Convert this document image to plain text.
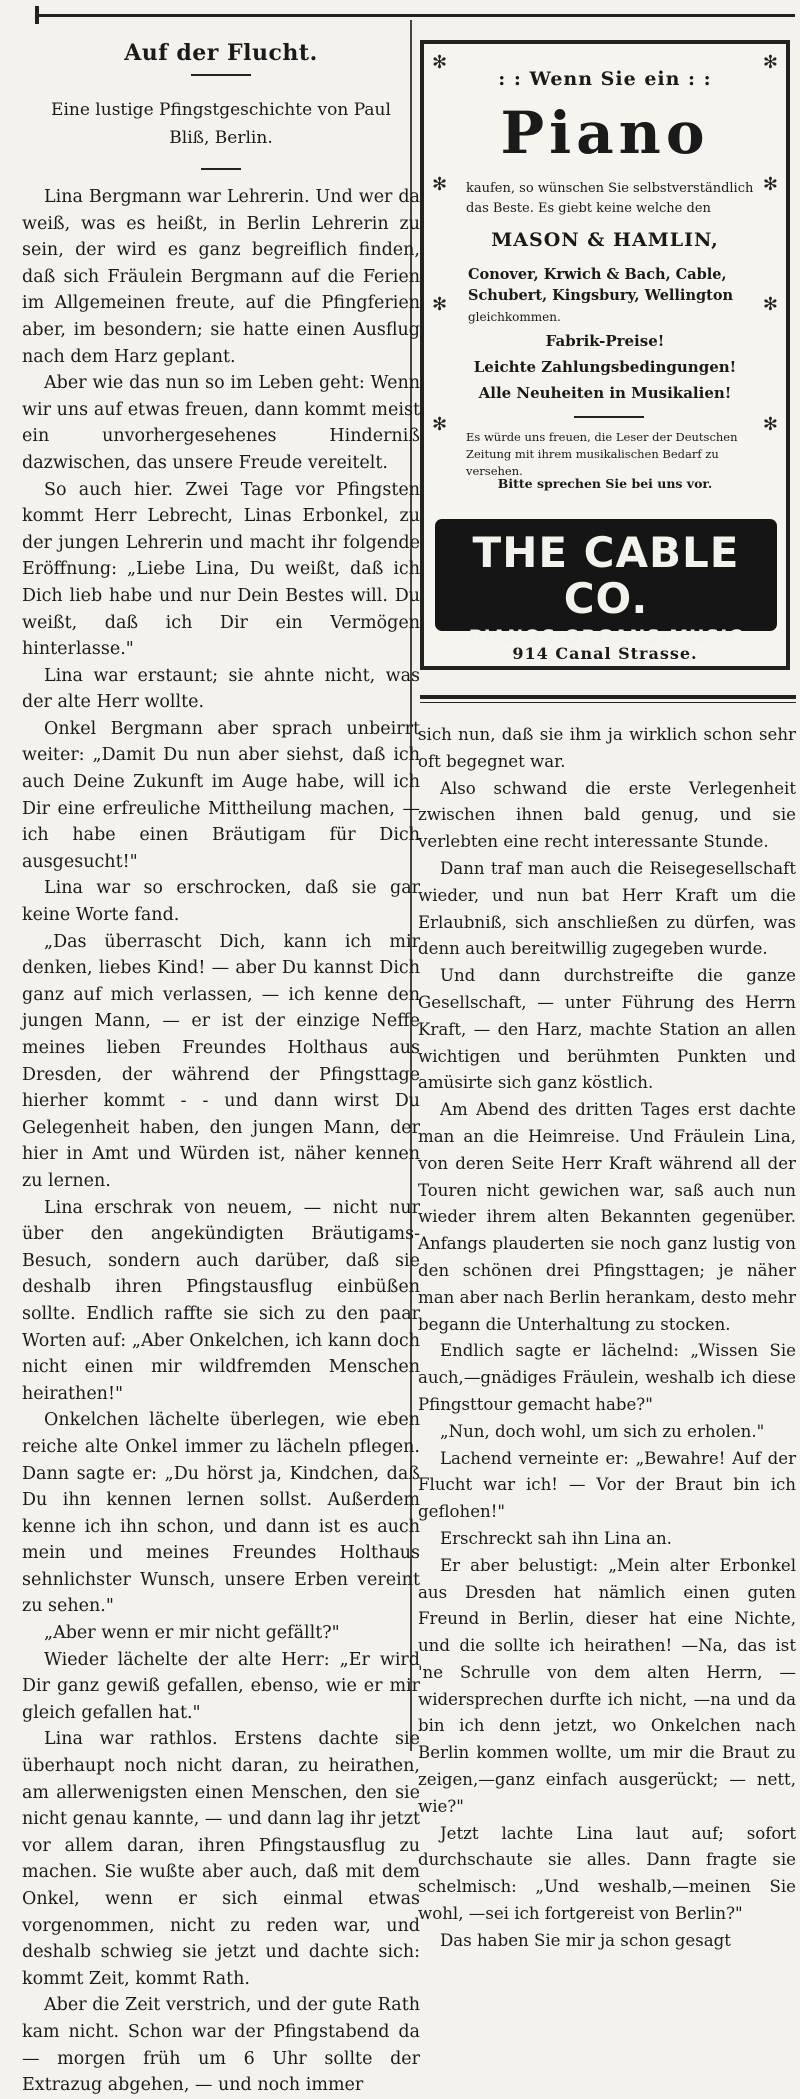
Auf der Flucht.
Eine lustige Pfingstgeschichte von Paul Bliß, Berlin.

Lina Bergmann war Lehrerin. Und wer da weiß, was es heißt, in Berlin Lehrerin zu sein, der wird es ganz begreiflich finden, daß sich Fräulein Bergmann auf die Ferien im Allgemeinen freute, auf die Pfingferien aber, im besondern; sie hatte einen Ausflug nach dem Harz geplant.

Aber wie das nun so im Leben geht: Wenn wir uns auf etwas freuen, dann kommt meist ein unvorhergesehenes Hinderniß dazwischen, das unsere Freude vereitelt.

So auch hier. Zwei Tage vor Pfingsten kommt Herr Lebrecht, Linas Erbonkel, zu der jungen Lehrerin und macht ihr folgende Eröffnung: „Liebe Lina, Du weißt, daß ich Dich lieb habe und nur Dein Bestes will. Du weißt, daß ich Dir ein Vermögen hinterlasse."

Lina war erstaunt; sie ahnte nicht, was der alte Herr wollte.

Onkel Bergmann aber sprach unbeirrt weiter: „Damit Du nun aber siehst, daß ich auch Deine Zukunft im Auge habe, will ich Dir eine erfreuliche Mittheilung machen, —ich habe einen Bräutigam für Dich ausgesucht!"

Lina war so erschrocken, daß sie gar keine Worte fand.

„Das überrascht Dich, kann ich mir denken, liebes Kind! — aber Du kannst Dich ganz auf mich verlassen, — ich kenne den jungen Mann, — er ist der einzige Neffe meines lieben Freundes Holthaus aus Dresden, der während der Pfingsttage hierher kommt - - und dann wirst Du Gelegenheit haben, den jungen Mann, der hier in Amt und Würden ist, näher kennen zu lernen.

Lina erschrak von neuem, — nicht nur über den angekündigten Bräutigams-Besuch, sondern auch darüber, daß sie deshalb ihren Pfingstausflug einbüßen sollte. Endlich raffte sie sich zu den paar Worten auf: „Aber Onkelchen, ich kann doch nicht einen mir wildfremden Menschen heirathen!"

Onkelchen lächelte überlegen, wie eben reiche alte Onkel immer zu lächeln pflegen. Dann sagte er: „Du hörst ja, Kindchen, daß Du ihn kennen lernen sollst. Außerdem kenne ich ihn schon, und dann ist es auch mein und meines Freundes Holthaus sehnlichster Wunsch, unsere Erben vereint zu sehen."

„Aber wenn er mir nicht gefällt?"

Wieder lächelte der alte Herr: „Er wird Dir ganz gewiß gefallen, ebenso, wie er mir gleich gefallen hat."

Lina war rathlos. Erstens dachte sie überhaupt noch nicht daran, zu heirathen, am allerwenigsten einen Menschen, den sie nicht genau kannte, — und dann lag ihr jetzt vor allem daran, ihren Pfingstausflug zu machen. Sie wußte aber auch, daß mit dem Onkel, wenn er sich einmal etwas vorgenommen, nicht zu reden war, und deshalb schwieg sie jetzt und dachte sich: kommt Zeit, kommt Rath.

Aber die Zeit verstrich, und der gute Rath kam nicht. Schon war der Pfingstabend da — morgen früh um 6 Uhr sollte der Extrazug abgehen, — und noch immer

✻	✻
✻	✻
✻	✻
✻	✻
: : Wenn Sie ein : :
Piano
kaufen, so wünschen Sie selbstverständlich das Beste. Es giebt keine welche den
MASON & HAMLIN,
Conover, Krwich & Bach, Cable, Schubert, Kingsbury, Wellington gleichkommen.
Fabrik-Preise!
Leichte Zahlungsbedingungen!
Alle Neuheiten in Musikalien!
Es würde uns freuen, die Leser der Deutschen Zeitung mit ihrem musikalischen Bedarf zu versehen.
Bitte sprechen Sie bei uns vor.
THE CABLE CO.
PIANOS·ORGANS·MUSIC
914 Canal Strasse.

sich nun, daß sie ihm ja wirklich schon sehr oft begegnet war.

Also schwand die erste Verlegenheit zwischen ihnen bald genug, und sie verlebten eine recht interessante Stunde.

Dann traf man auch die Reisegesellschaft wieder, und nun bat Herr Kraft um die Erlaubniß, sich anschließen zu dürfen, was denn auch bereitwillig zugegeben wurde.

Und dann durchstreifte die ganze Gesellschaft, — unter Führung des Herrn Kraft, — den Harz, machte Station an allen wichtigen und berühmten Punkten und amüsirte sich ganz köstlich.

Am Abend des dritten Tages erst dachte man an die Heimreise. Und Fräulein Lina, von deren Seite Herr Kraft während all der Touren nicht gewichen war, saß auch nun wieder ihrem alten Bekannten gegenüber. Anfangs plauderten sie noch ganz lustig von den schönen drei Pfingsttagen; je näher man aber nach Berlin herankam, desto mehr begann die Unterhaltung zu stocken.

Endlich sagte er lächelnd: „Wissen Sie auch,—gnädiges Fräulein, weshalb ich diese Pfingsttour gemacht habe?"

„Nun, doch wohl, um sich zu erholen."

Lachend verneinte er: „Bewahre! Auf der Flucht war ich! — Vor der Braut bin ich geflohen!"

Erschreckt sah ihn Lina an.

Er aber belustigt: „Mein alter Erbonkel aus Dresden hat nämlich einen guten Freund in Berlin, dieser hat eine Nichte, und die sollte ich heirathen! —Na, das ist 'ne Schrulle von dem alten Herrn, — widersprechen durfte ich nicht, —na und da bin ich denn jetzt, wo Onkelchen nach Berlin kommen wollte, um mir die Braut zu zeigen,—ganz einfach ausgerückt; — nett, wie?"

Jetzt lachte Lina laut auf; sofort durchschaute sie alles. Dann fragte sie schelmisch: „Und weshalb,—meinen Sie wohl, —sei ich fortgereist von Berlin?"

Das haben Sie mir ja schon gesagt
